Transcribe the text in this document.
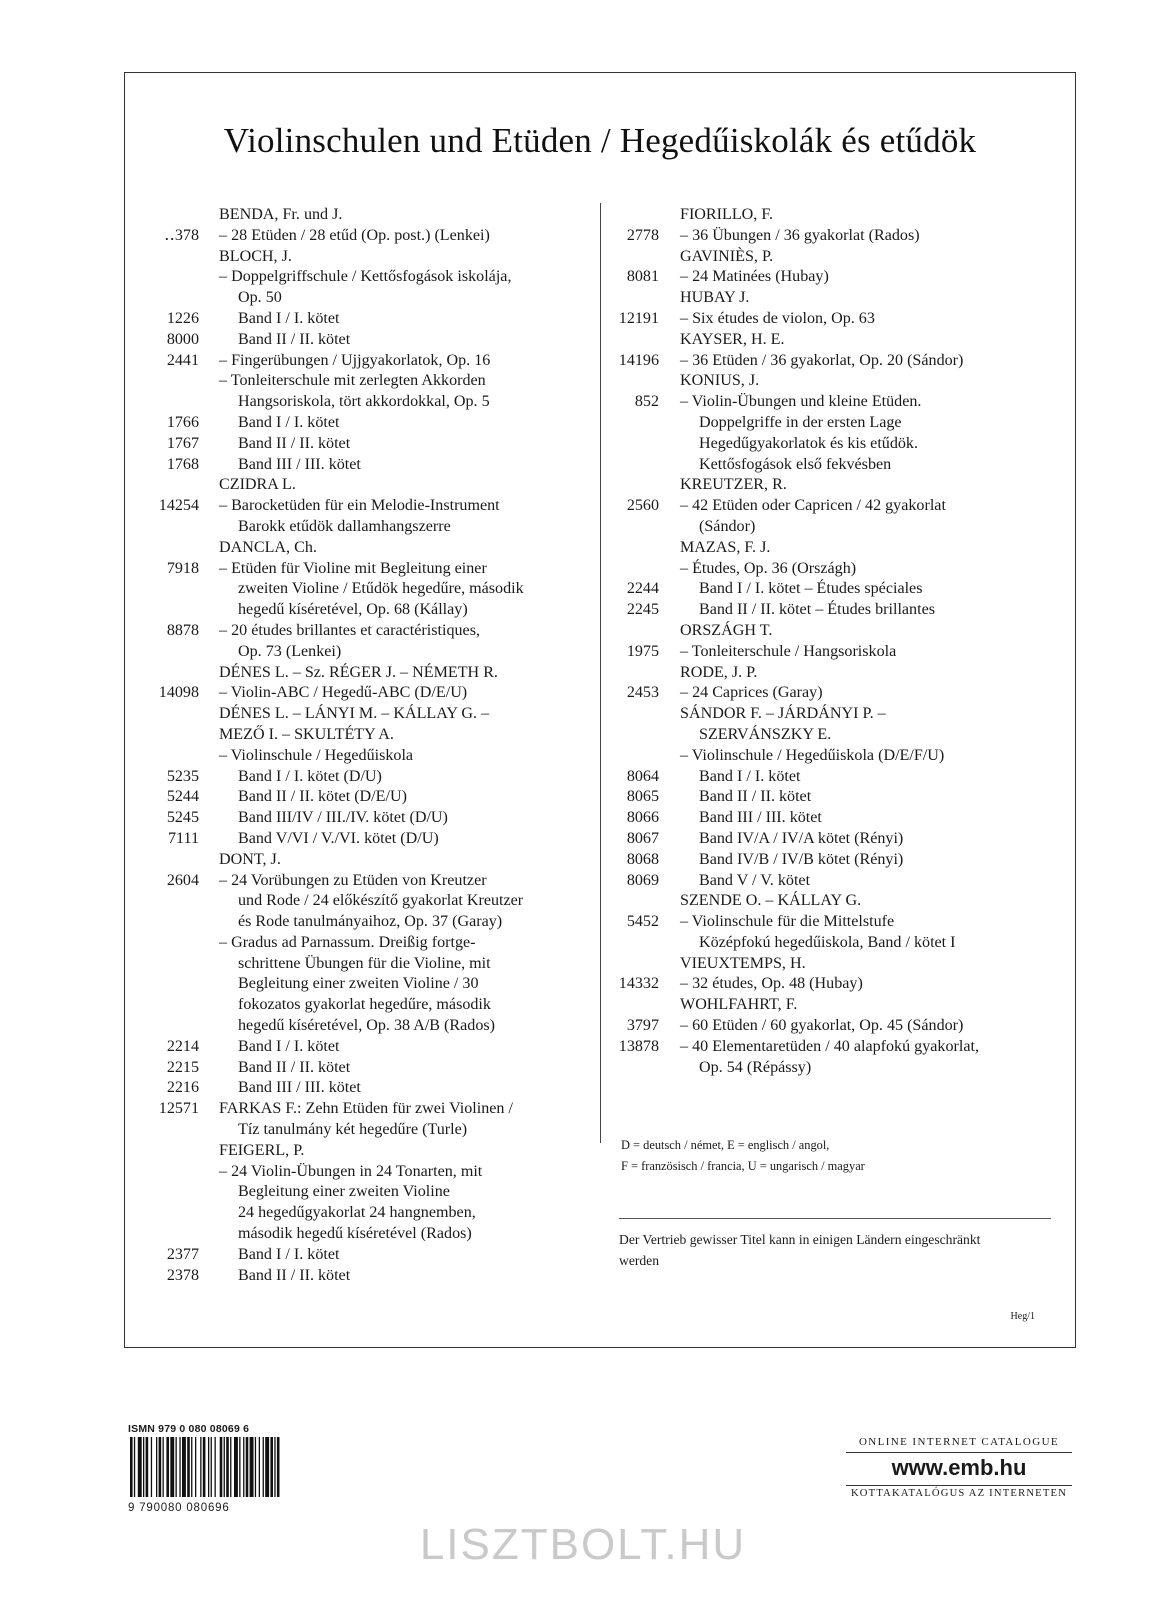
Violinschulen und Etüden / Hegedűiskolák és etűdök
BENDA, Fr. und J.
‥378 – 28 Etüden / 28 etűd (Op. post.) (Lenkei)
BLOCH, J.
– Doppelgriffschule / Kettősfogások iskolája,
Op. 50
1226	Band I / I. kötet
8000	Band II / II. kötet
2441 – Fingerübungen / Ujjgyakorlatok, Op. 16
– Tonleiterschule mit zerlegten Akkorden
Hangsoriskola, tört akkordokkal, Op. 5
1766	Band I / I. kötet
1767	Band II / II. kötet
1768	Band III / III. kötet
CZIDRA L.
14254 – Barocketüden für ein Melodie-Instrument
Barokk etűdök dallamhangszerre
DANCLA, Ch.
7918 – Etüden für Violine mit Begleitung einer
zweiten Violine / Etűdök hegedűre, második
hegedű kíséretével, Op. 68 (Kállay)
8878 – 20 études brillantes et caractéristiques,
Op. 73 (Lenkei)
DÉNES L. – Sz. RÉGER J. – NÉMETH R.
14098 – Violin-ABC / Hegedű-ABC (D/E/U)
DÉNES L. – LÁNYI M. – KÁLLAY G. –
MEZŐ I. – SKULTÉTY A.
– Violinschule / Hegedűiskola
5235	Band I / I. kötet (D/U)
5244	Band II / II. kötet (D/E/U)
5245	Band III/IV / III./IV. kötet (D/U)
7111	Band V/VI / V./VI. kötet (D/U)
DONT, J.
2604 – 24 Vorübungen zu Etüden von Kreutzer
und Rode / 24 előkészítő gyakorlat Kreutzer
és Rode tanulmányaihoz, Op. 37 (Garay)
– Gradus ad Parnassum. Dreißig fortge-
schrittene Übungen für die Violine, mit
Begleitung einer zweiten Violine / 30
fokozatos gyakorlat hegedűre, második
hegedű kíséretével, Op. 38 A/B (Rados)
2214	Band I / I. kötet
2215	Band II / II. kötet
2216	Band III / III. kötet
12571 FARKAS F.: Zehn Etüden für zwei Violinen /
Tíz tanulmány két hegedűre (Turle)
FEIGERL, P.
– 24 Violin-Übungen in 24 Tonarten, mit
Begleitung einer zweiten Violine
24 hegedűgyakorlat 24 hangnemben,
második hegedű kíséretével (Rados)
2377	Band I / I. kötet
2378	Band II / II. kötet
FIORILLO, F.
2778 – 36 Übungen / 36 gyakorlat (Rados)
GAVINIÈS, P.
8081 – 24 Matinées (Hubay)
HUBAY J.
12191 – Six études de violon, Op. 63
KAYSER, H. E.
14196 – 36 Etüden / 36 gyakorlat, Op. 20 (Sándor)
KONIUS, J.
852 – Violin-Übungen und kleine Etüden.
Doppelgriffe in der ersten Lage
Hegedűgyakorlatok és kis etűdök.
Kettősfogások első fekvésben
KREUTZER, R.
2560 – 42 Etüden oder Capricen / 42 gyakorlat
(Sándor)
MAZAS, F. J.
– Études, Op. 36 (Országh)
2244	Band I / I. kötet – Études spéciales
2245	Band II / II. kötet – Études brillantes
ORSZÁGH T.
1975 – Tonleiterschule / Hangsoriskola
RODE, J. P.
2453 – 24 Caprices (Garay)
SÁNDOR F. – JÁRDÁNYI P. –
SZERVÁNSZKY E.
– Violinschule / Hegedűiskola (D/E/F/U)
8064	Band I / I. kötet
8065	Band II / II. kötet
8066	Band III / III. kötet
8067	Band IV/A / IV/A kötet (Rényi)
8068	Band IV/B / IV/B kötet (Rényi)
8069	Band V / V. kötet
SZENDE O. – KÁLLAY G.
5452 – Violinschule für die Mittelstufe
Középfokú hegedűiskola, Band / kötet I
VIEUXTEMPS, H.
14332 – 32 études, Op. 48 (Hubay)
WOHLFAHRT, F.
3797 – 60 Etüden / 60 gyakorlat, Op. 45 (Sándor)
13878 – 40 Elementaretüden / 40 alapfokú gyakorlat,
Op. 54 (Répássy)
D = deutsch / német, E = englisch / angol,
F = französisch / francia, U = ungarisch / magyar
Der Vertrieb gewisser Titel kann in einigen Ländern eingeschränkt werden
Heg/1
ISMN 979 0 080 08069 6
9 790080 080696
ONLINE INTERNET CATALOGUE
www.emb.hu
KOTTAKATALÓGUS AZ INTERNETEN
LISZTBOLT.HU
